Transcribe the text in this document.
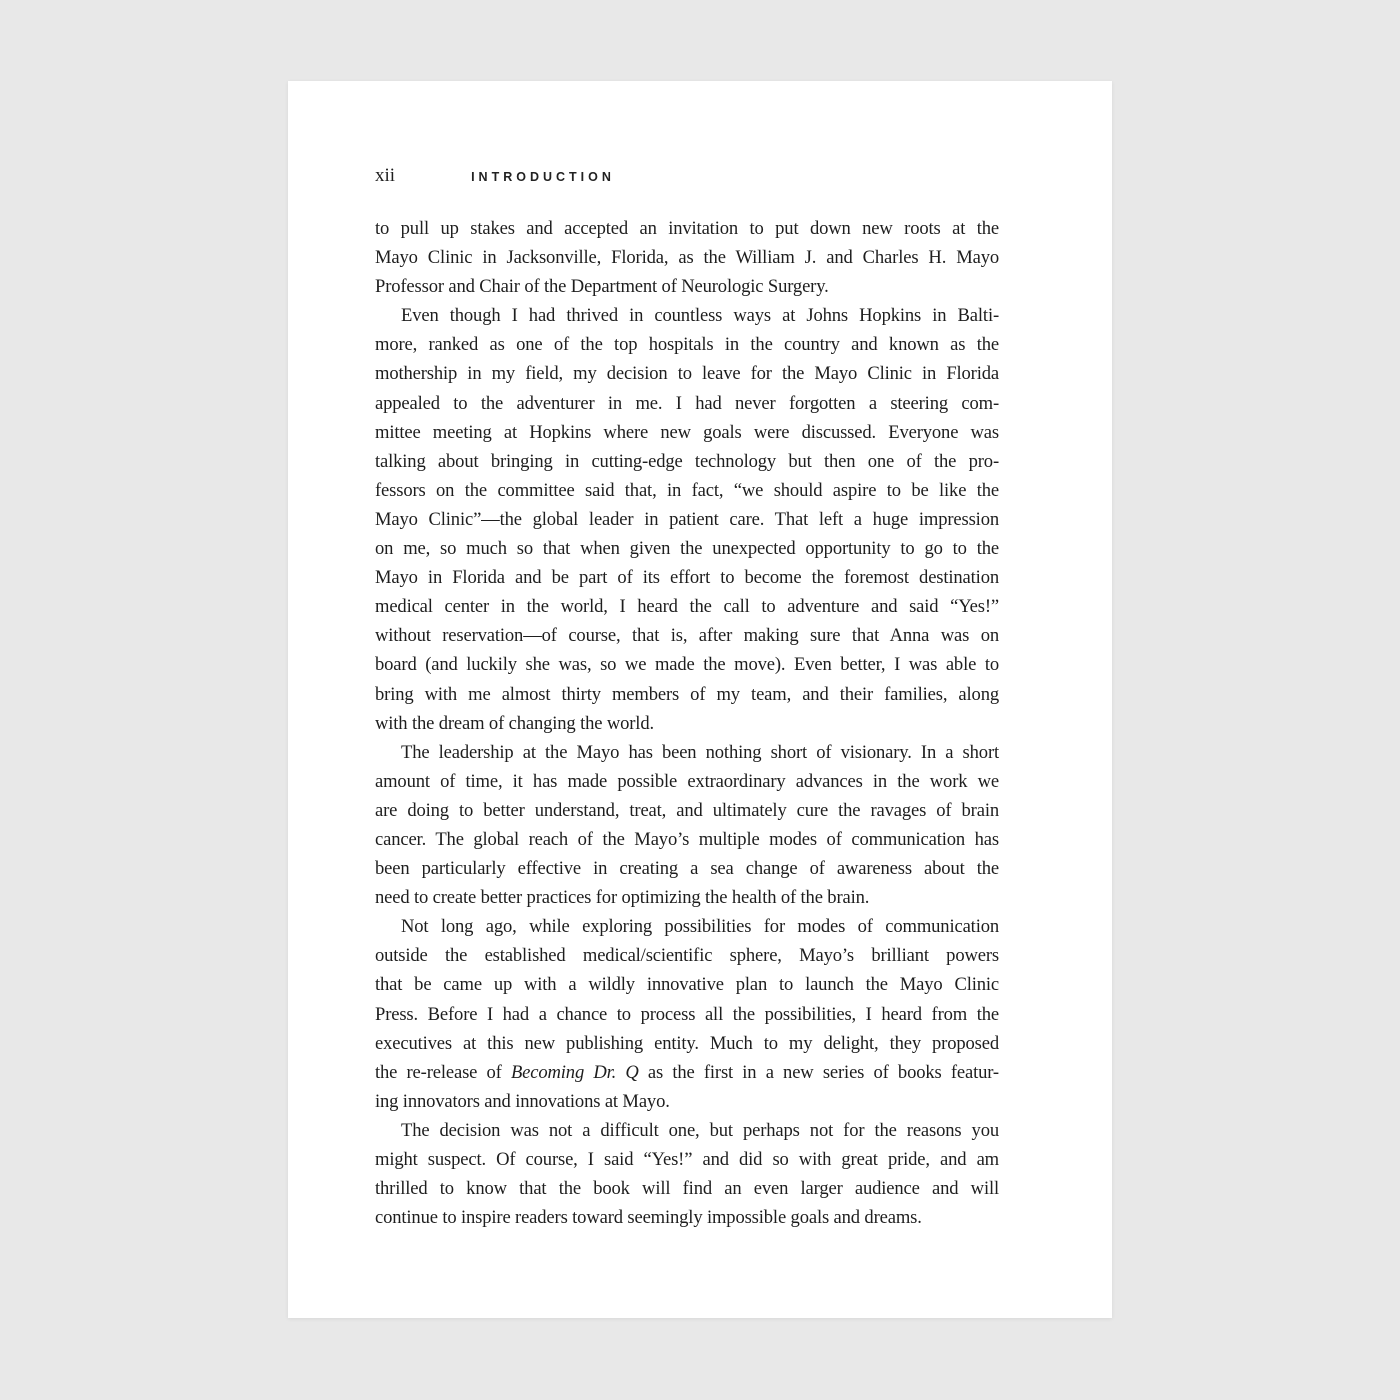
xii	INTRODUCTION
to pull up stakes and accepted an invitation to put down new roots at the
Mayo Clinic in Jacksonville, Florida, as the William J. and Charles H. Mayo
Professor and Chair of the Department of Neurologic Surgery.
Even though I had thrived in countless ways at Johns Hopkins in Balti-
more, ranked as one of the top hospitals in the country and known as the
mothership in my field, my decision to leave for the Mayo Clinic in Florida
appealed to the adventurer in me. I had never forgotten a steering com-
mittee meeting at Hopkins where new goals were discussed. Everyone was
talking about bringing in cutting-edge technology but then one of the pro-
fessors on the committee said that, in fact, “we should aspire to be like the
Mayo Clinic”—the global leader in patient care. That left a huge impression
on me, so much so that when given the unexpected opportunity to go to the
Mayo in Florida and be part of its effort to become the foremost destination
medical center in the world, I heard the call to adventure and said “Yes!”
without reservation—of course, that is, after making sure that Anna was on
board (and luckily she was, so we made the move). Even better, I was able to
bring with me almost thirty members of my team, and their families, along
with the dream of changing the world.
The leadership at the Mayo has been nothing short of visionary. In a short
amount of time, it has made possible extraordinary advances in the work we
are doing to better understand, treat, and ultimately cure the ravages of brain
cancer. The global reach of the Mayo’s multiple modes of communication has
been particularly effective in creating a sea change of awareness about the
need to create better practices for optimizing the health of the brain.
Not long ago, while exploring possibilities for modes of communication
outside the established medical/scientific sphere, Mayo’s brilliant powers
that be came up with a wildly innovative plan to launch the Mayo Clinic
Press. Before I had a chance to process all the possibilities, I heard from the
executives at this new publishing entity. Much to my delight, they proposed
the re-release of Becoming Dr. Q as the first in a new series of books featur-
ing innovators and innovations at Mayo.
The decision was not a difficult one, but perhaps not for the reasons you
might suspect. Of course, I said “Yes!” and did so with great pride, and am
thrilled to know that the book will find an even larger audience and will
continue to inspire readers toward seemingly impossible goals and dreams.
